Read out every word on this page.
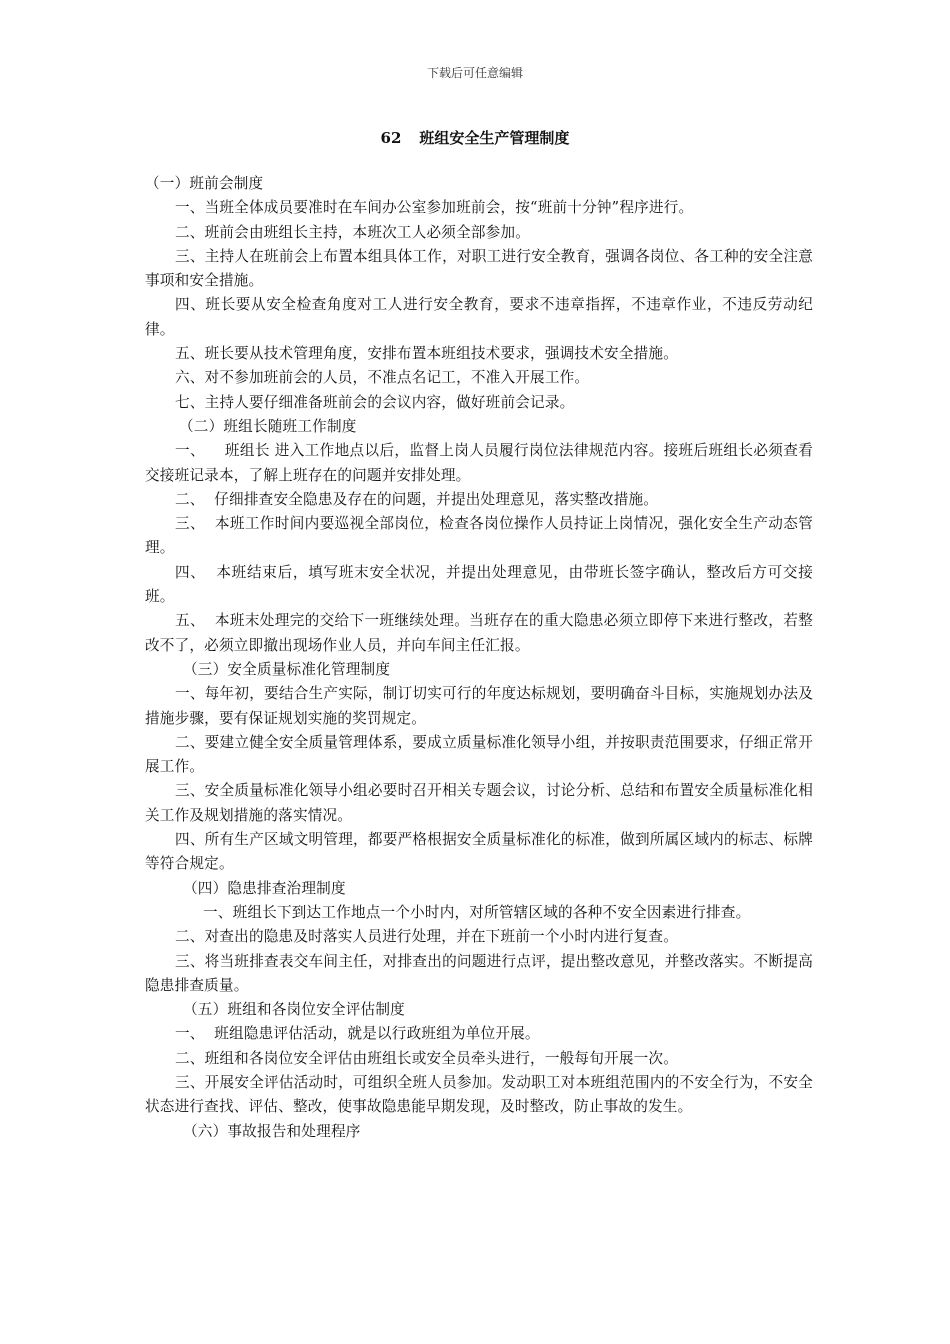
下载后可任意编辑
62 班组安全生产管理制度

（一）班前会制度

一、当班全体成员要准时在车间办公室参加班前会，按“班前十分钟”程序进行。

二、班前会由班组长主持，本班次工人必须全部参加。

三、主持人在班前会上布置本组具体工作，对职工进行安全教育，强调各岗位、各工种的安全注意事项和安全措施。

四、班长要从安全检查角度对工人进行安全教育，要求不违章指挥，不违章作业，不违反劳动纪律。

五、班长要从技术管理角度，安排布置本班组技术要求，强调技术安全措施。

六、对不参加班前会的人员，不准点名记工，不准入开展工作。

七、主持人要仔细准备班前会的会议内容，做好班前会记录。

（二）班组长随班工作制度

一、    班组长 进入工作地点以后，监督上岗人员履行岗位法律规范内容。接班后班组长必须查看交接班记录本，了解上班存在的问题并安排处理。

二、  仔细排查安全隐患及存在的问题，并提出处理意见，落实整改措施。

三、  本班工作时间内要巡视全部岗位，检查各岗位操作人员持证上岗情况，强化安全生产动态管理。

四、  本班结束后，填写班末安全状况，并提出处理意见，由带班长签字确认，整改后方可交接班。

五、  本班末处理完的交给下一班继续处理。当班存在的重大隐患必须立即停下来进行整改，若整改不了，必须立即撤出现场作业人员，并向车间主任汇报。

（三）安全质量标准化管理制度

一、每年初，要结合生产实际，制订切实可行的年度达标规划，要明确奋斗目标，实施规划办法及措施步骤，要有保证规划实施的奖罚规定。

二、要建立健全安全质量管理体系，要成立质量标准化领导小组，并按职责范围要求，仔细正常开展工作。

三、安全质量标准化领导小组必要时召开相关专题会议，讨论分析、总结和布置安全质量标准化相关工作及规划措施的落实情况。

四、所有生产区域文明管理，都要严格根据安全质量标准化的标准，做到所属区域内的标志、标牌等符合规定。

（四）隐患排查治理制度

一、班组长下到达工作地点一个小时内，对所管辖区域的各种不安全因素进行排查。

二、对查出的隐患及时落实人员进行处理，并在下班前一个小时内进行复查。

三、将当班排查表交车间主任，对排查出的问题进行点评，提出整改意见，并整改落实。不断提高隐患排查质量。

（五）班组和各岗位安全评估制度

一、  班组隐患评估活动，就是以行政班组为单位开展。

二、班组和各岗位安全评估由班组长或安全员牵头进行，一般每旬开展一次。

三、开展安全评估活动时，可组织全班人员参加。发动职工对本班组范围内的不安全行为，不安全状态进行查找、评估、整改，使事故隐患能早期发现，及时整改，防止事故的发生。

（六）事故报告和处理程序
